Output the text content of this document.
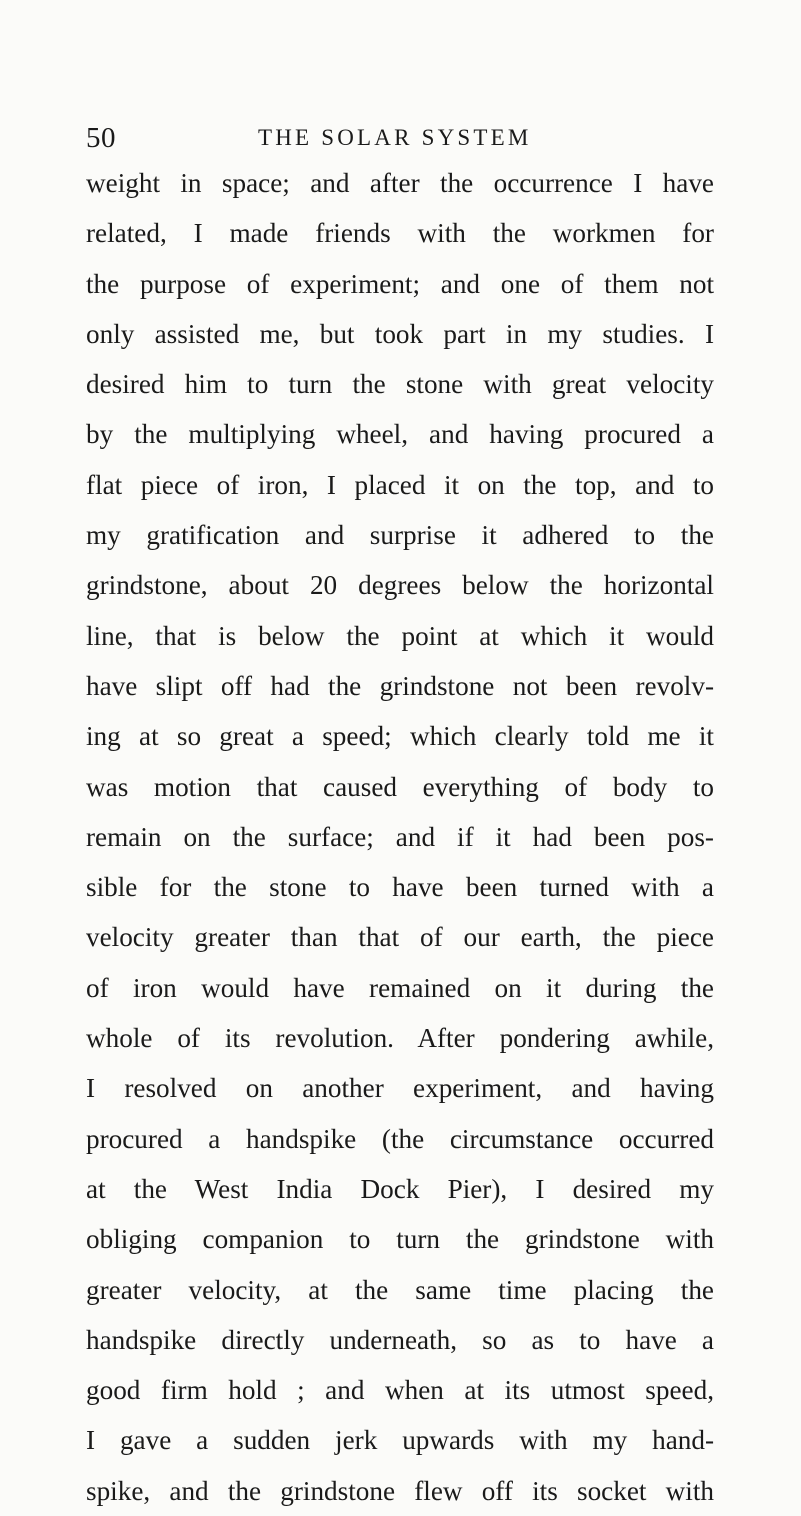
50	THE SOLAR SYSTEM
weight in space; and after the occurrence I have
related, I made friends with the workmen for
the purpose of experiment; and one of them not
only assisted me, but took part in my studies. I
desired him to turn the stone with great velocity
by the multiplying wheel, and having procured a
flat piece of iron, I placed it on the top, and to
my gratification and surprise it adhered to the
grindstone, about 20 degrees below the horizontal
line, that is below the point at which it would
have slipt off had the grindstone not been revolv-
ing at so great a speed; which clearly told me it
was motion that caused everything of body to
remain on the surface; and if it had been pos-
sible for the stone to have been turned with a
velocity greater than that of our earth, the piece
of iron would have remained on it during the
whole of its revolution. After pondering awhile,
I resolved on another experiment, and having
procured a handspike (the circumstance occurred
at the West India Dock Pier), I desired my
obliging companion to turn the grindstone with
greater velocity, at the same time placing the
handspike directly underneath, so as to have a
good firm hold ; and when at its utmost speed,
I gave a sudden jerk upwards with my hand-
spike, and the grindstone flew off its socket with
